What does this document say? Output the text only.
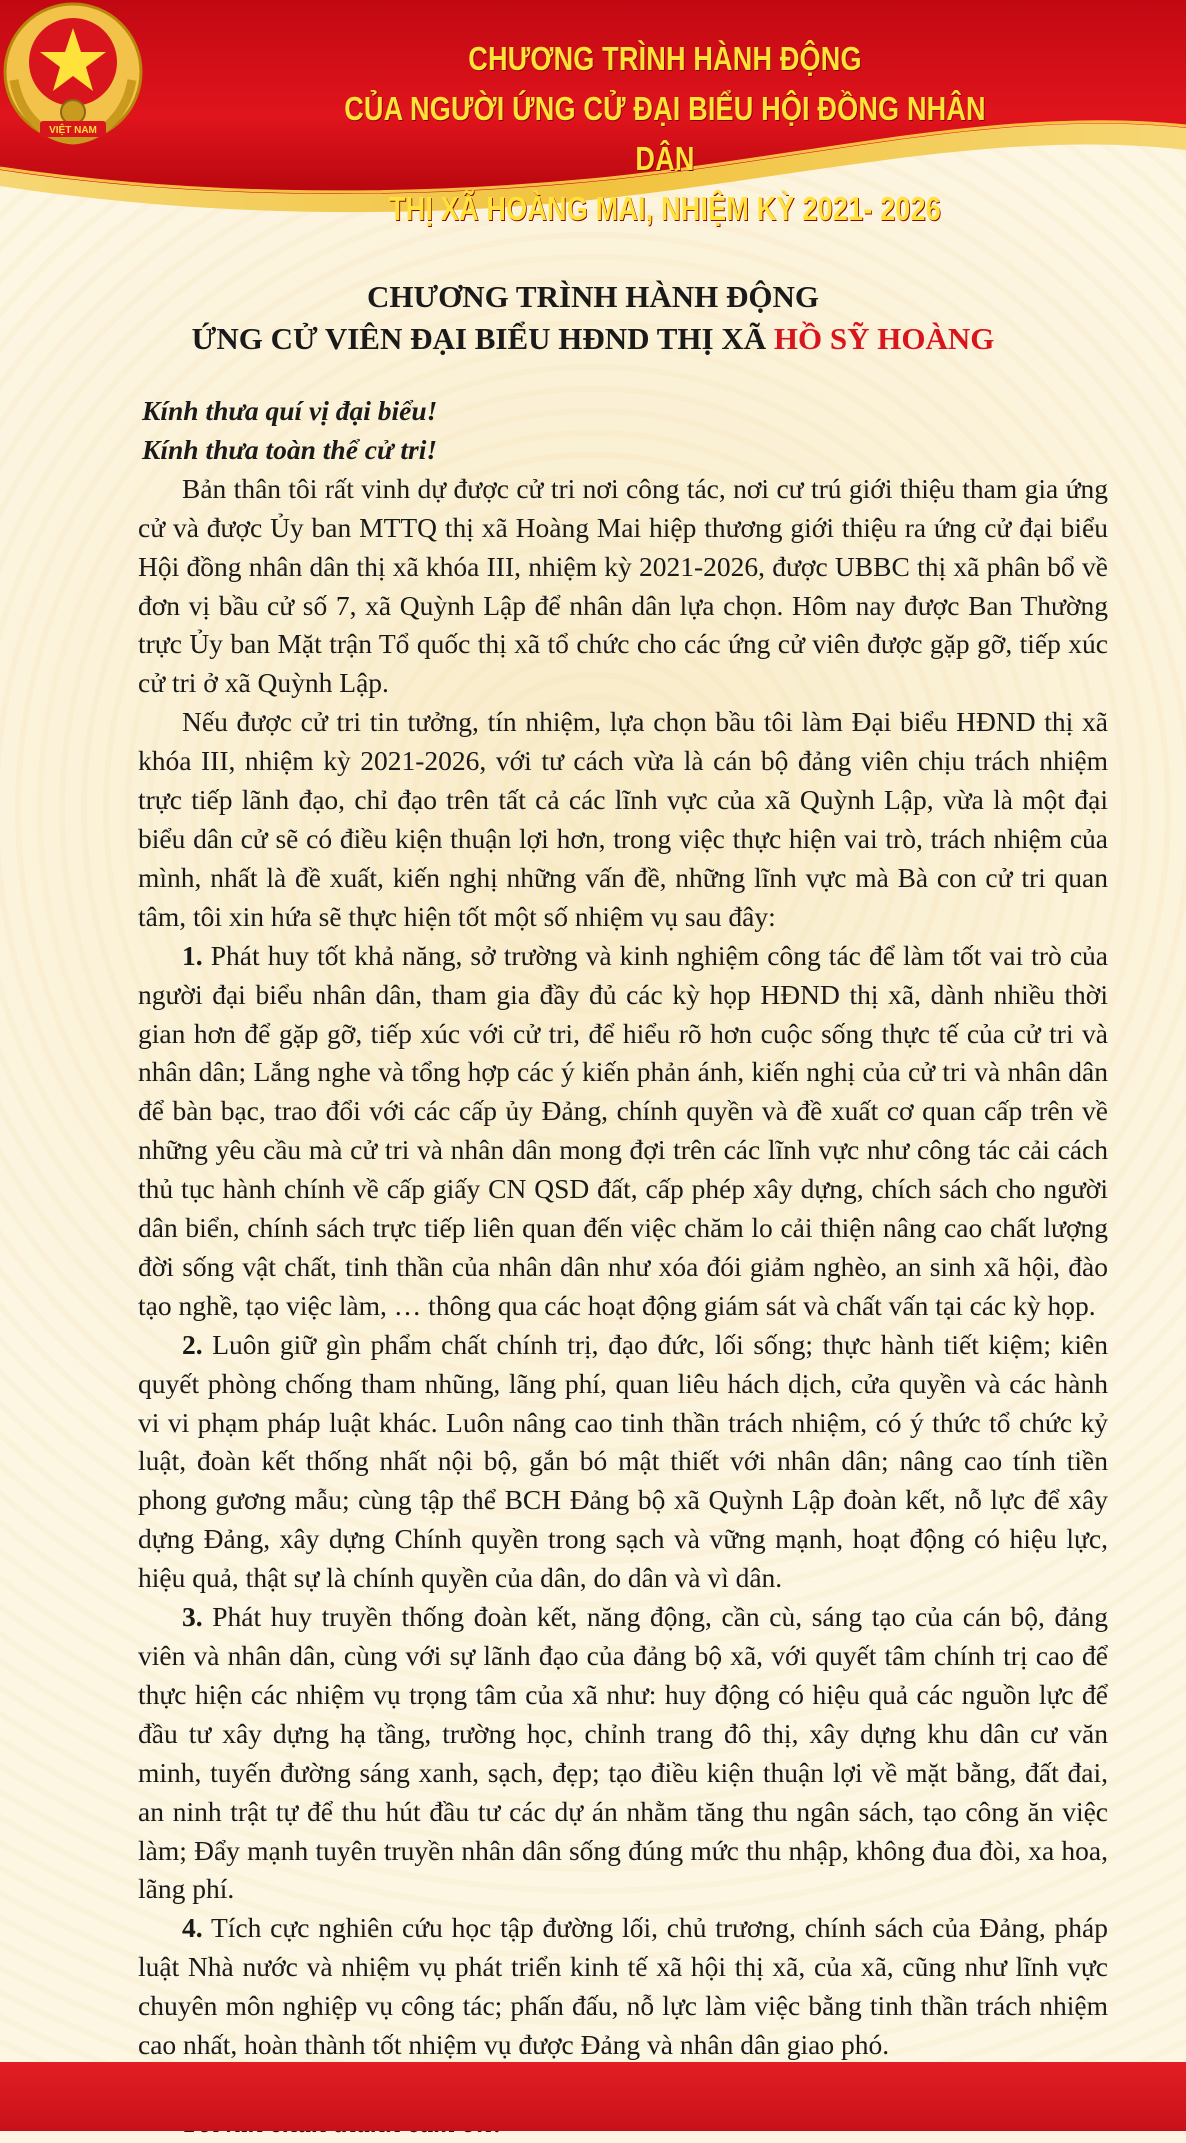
VIỆT NAM
CHƯƠNG TRÌNH HÀNH ĐỘNG
CỦA NGƯỜI ỨNG CỬ ĐẠI BIỂU HỘI ĐỒNG NHÂN DÂN
THỊ XÃ HOÀNG MAI, NHIỆM KỲ 2021- 2026
CHƯƠNG TRÌNH HÀNH ĐỘNG
ỨNG CỬ VIÊN ĐẠI BIỂU HĐND THỊ XÃ HỒ SỸ HOÀNG

Kính thưa quí vị đại biểu!

Kính thưa toàn thể cử tri!

Bản thân tôi rất vinh dự được cử tri nơi công tác, nơi cư trú giới thiệu tham gia ứng cử và được Ủy ban MTTQ thị xã Hoàng Mai hiệp thương giới thiệu ra ứng cử đại biểu Hội đồng nhân dân thị xã khóa III, nhiệm kỳ 2021-2026, được UBBC thị xã phân bổ về đơn vị bầu cử số 7, xã Quỳnh Lập để nhân dân lựa chọn. Hôm nay được Ban Thường trực Ủy ban Mặt trận Tổ quốc thị xã tổ chức cho các ứng cử viên được gặp gỡ, tiếp xúc cử tri ở xã Quỳnh Lập.

Nếu được cử tri tin tưởng, tín nhiệm, lựa chọn bầu tôi làm Đại biểu HĐND thị xã khóa III, nhiệm kỳ 2021-2026, với tư cách vừa là cán bộ đảng viên chịu trách nhiệm trực tiếp lãnh đạo, chỉ đạo trên tất cả các lĩnh vực của xã Quỳnh Lập, vừa là một đại biểu dân cử sẽ có điều kiện thuận lợi hơn, trong việc thực hiện vai trò, trách nhiệm của mình, nhất là đề xuất, kiến nghị những vấn đề, những lĩnh vực mà Bà con cử tri quan tâm, tôi xin hứa sẽ thực hiện tốt một số nhiệm vụ sau đây:

1. Phát huy tốt khả năng, sở trường và kinh nghiệm công tác để làm tốt vai trò của người đại biểu nhân dân, tham gia đầy đủ các kỳ họp HĐND thị xã, dành nhiều thời gian hơn để gặp gỡ, tiếp xúc với cử tri, để hiểu rõ hơn cuộc sống thực tế của cử tri và nhân dân; Lắng nghe và tổng hợp các ý kiến phản ánh, kiến nghị của cử tri và nhân dân để bàn bạc, trao đổi với các cấp ủy Đảng, chính quyền và đề xuất cơ quan cấp trên về những yêu cầu mà cử tri và nhân dân mong đợi trên các lĩnh vực như công tác cải cách thủ tục hành chính về cấp giấy CN QSD đất, cấp phép xây dựng, chích sách cho người dân biển, chính sách trực tiếp liên quan đến việc chăm lo cải thiện nâng cao chất lượng đời sống vật chất, tinh thần của nhân dân như xóa đói giảm nghèo, an sinh xã hội, đào tạo nghề, tạo việc làm, … thông qua các hoạt động giám sát và chất vấn tại các kỳ họp.

2. Luôn giữ gìn phẩm chất chính trị, đạo đức, lối sống; thực hành tiết kiệm; kiên quyết phòng chống tham nhũng, lãng phí, quan liêu hách dịch, cửa quyền và các hành vi vi phạm pháp luật khác. Luôn nâng cao tinh thần trách nhiệm, có ý thức tổ chức kỷ luật, đoàn kết thống nhất nội bộ, gắn bó mật thiết với nhân dân; nâng cao tính tiền phong gương mẫu; cùng tập thể BCH Đảng bộ xã Quỳnh Lập đoàn kết, nỗ lực để xây dựng Đảng, xây dựng Chính quyền trong sạch và vững mạnh, hoạt động có hiệu lực, hiệu quả, thật sự là chính quyền của dân, do dân và vì dân.

3. Phát huy truyền thống đoàn kết, năng động, cần cù, sáng tạo của cán bộ, đảng viên và nhân dân, cùng với sự lãnh đạo của đảng bộ xã, với quyết tâm chính trị cao để thực hiện các nhiệm vụ trọng tâm của xã như: huy động có hiệu quả các nguồn lực để đầu tư xây dựng hạ tầng, trường học, chỉnh trang đô thị, xây dựng khu dân cư văn minh, tuyến đường sáng xanh, sạch, đẹp; tạo điều kiện thuận lợi về mặt bằng, đất đai, an ninh trật tự để thu hút đầu tư các dự án nhằm tăng thu ngân sách, tạo công ăn việc làm; Đẩy mạnh tuyên truyền nhân dân sống đúng mức thu nhập, không đua đòi, xa hoa, lãng phí.

4. Tích cực nghiên cứu học tập đường lối, chủ trương, chính sách của Đảng, pháp luật Nhà nước và nhiệm vụ phát triển kinh tế xã hội thị xã, của xã, cũng như lĩnh vực chuyên môn nghiệp vụ công tác; phấn đấu, nỗ lực làm việc bằng tinh thần trách nhiệm cao nhất, hoàn thành tốt nhiệm vụ được Đảng và nhân dân giao phó.
